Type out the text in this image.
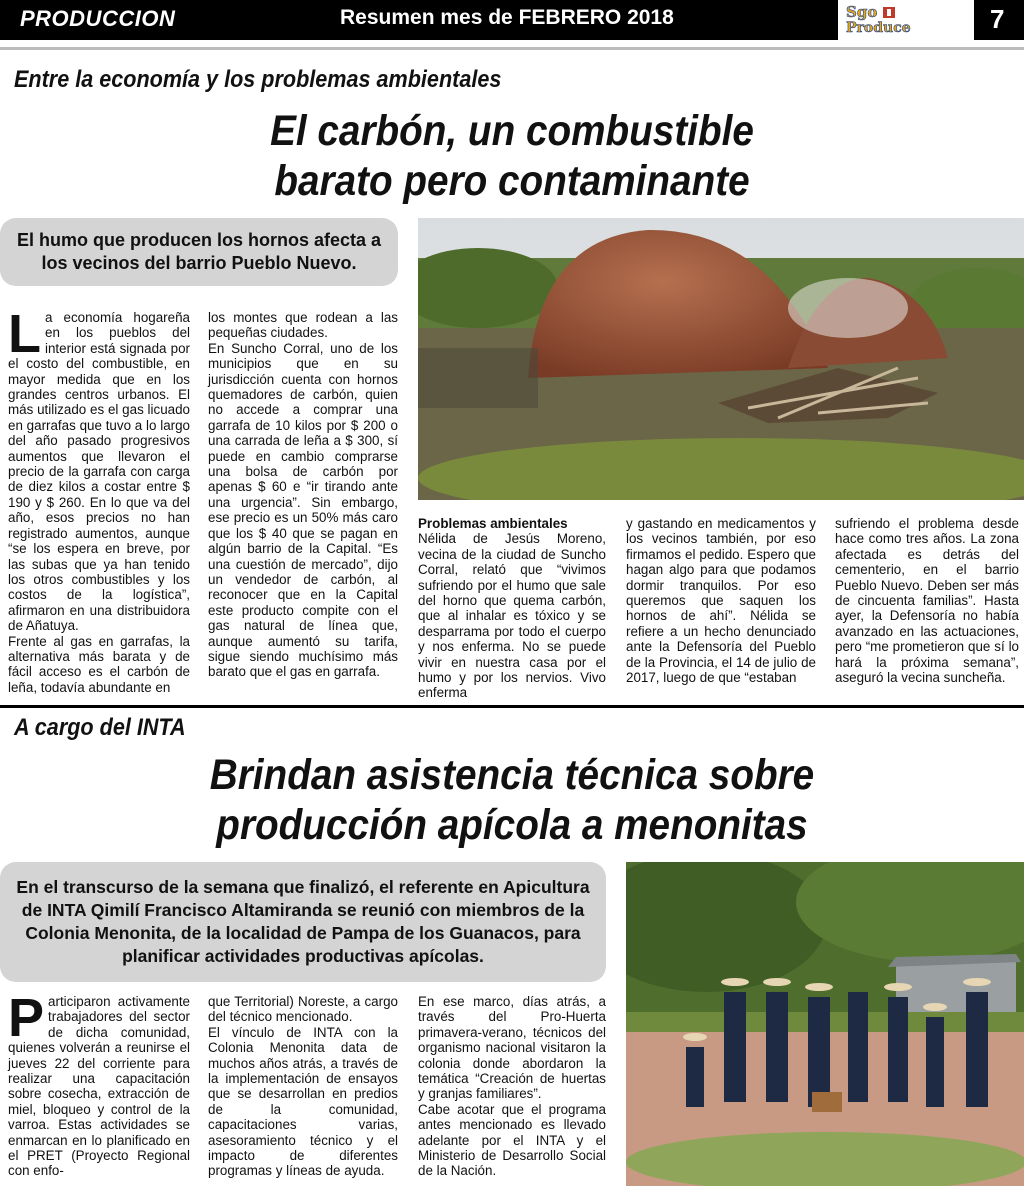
PRODUCCION	Resumen mes de FEBRERO 2018	Sgo
Produce	7
Entre la economía y los problemas ambientales
El carbón, un combustible
barato pero contaminante
El humo que producen los hornos afecta a los vecinos del barrio Pueblo Nuevo.

La economía hogareña en los pueblos del interior está signada por el costo del combustible, en mayor medida que en los grandes centros urbanos. El más utilizado es el gas licuado en garrafas que tuvo a lo largo del año pasado progresivos aumentos que llevaron el precio de la garrafa con carga de diez kilos a costar entre $ 190 y $ 260. En lo que va del año, esos precios no han registrado aumentos, aunque “se los espera en breve, por las subas que ya han tenido los otros combustibles y los costos de la logística”, afirmaron en una distribuidora de Añatuya.

Frente al gas en garrafas, la alternativa más barata y de fácil acceso es el carbón de leña, todavía abundante en

los montes que rodean a las pequeñas ciudades.

En Suncho Corral, uno de los municipios que en su jurisdicción cuenta con hornos quemadores de carbón, quien no accede a comprar una garrafa de 10 kilos por $ 200 o una carrada de leña a $ 300, sí puede en cambio comprarse una bolsa de carbón por apenas $ 60 e “ir tirando ante una urgencia”. Sin embargo, ese precio es un 50% más caro que los $ 40 que se pagan en algún barrio de la Capital. “Es una cuestión de mercado”, dijo un vendedor de carbón, al reconocer que en la Capital este producto compite con el gas natural de línea que, aunque aumentó su tarifa, sigue siendo muchísimo más barato que el gas en garrafa.

Problemas ambientales

Nélida de Jesús Moreno, vecina de la ciudad de Suncho Corral, relató que “vivimos sufriendo por el humo que sale del horno que quema carbón, que al inhalar es tóxico y se desparrama por todo el cuerpo y nos enferma. No se puede vivir en nuestra casa por el humo y por los nervios. Vivo enferma

y gastando en medicamentos y los vecinos también, por eso firmamos el pedido. Espero que hagan algo para que podamos dormir tranquilos. Por eso queremos que saquen los hornos de ahí”. Nélida se refiere a un hecho denunciado ante la Defensoría del Pueblo de la Provincia, el 14 de julio de 2017, luego de que “estaban

sufriendo el problema desde hace como tres años. La zona afectada es detrás del cementerio, en el barrio Pueblo Nuevo. Deben ser más de cincuenta familias”. Hasta ayer, la Defensoría no había avanzado en las actuaciones, pero “me prometieron que sí lo hará la próxima semana”, aseguró la vecina suncheña.

A cargo del INTA
Brindan asistencia técnica sobre
producción apícola a menonitas
En el transcurso de la semana que finalizó, el referente en Apicultura de INTA Qimilí Francisco Altamiranda se reunió con miembros de la Colonia Menonita, de la localidad de Pampa de los Guanacos, para planificar actividades productivas apícolas.

Participaron activamente trabajadores del sector de dicha comunidad, quienes volverán a reunirse el jueves 22 del corriente para realizar una capacitación sobre cosecha, extracción de miel, bloqueo y control de la varroa. Estas actividades se enmarcan en lo planificado en el PRET (Proyecto Regional con enfo-

que Territorial) Noreste, a cargo del técnico mencionado.

El vínculo de INTA con la Colonia Menonita data de muchos años atrás, a través de la implementación de ensayos que se desarrollan en predios de la comunidad, capacitaciones varias, asesoramiento técnico y el impacto de diferentes programas y líneas de ayuda.

En ese marco, días atrás, a través del Pro-Huerta primavera-verano, técnicos del organismo nacional visitaron la colonia donde abordaron la temática “Creación de huertas y granjas familiares”.

Cabe acotar que el programa antes mencionado es llevado adelante por el INTA y el Ministerio de Desarrollo Social de la Nación.
